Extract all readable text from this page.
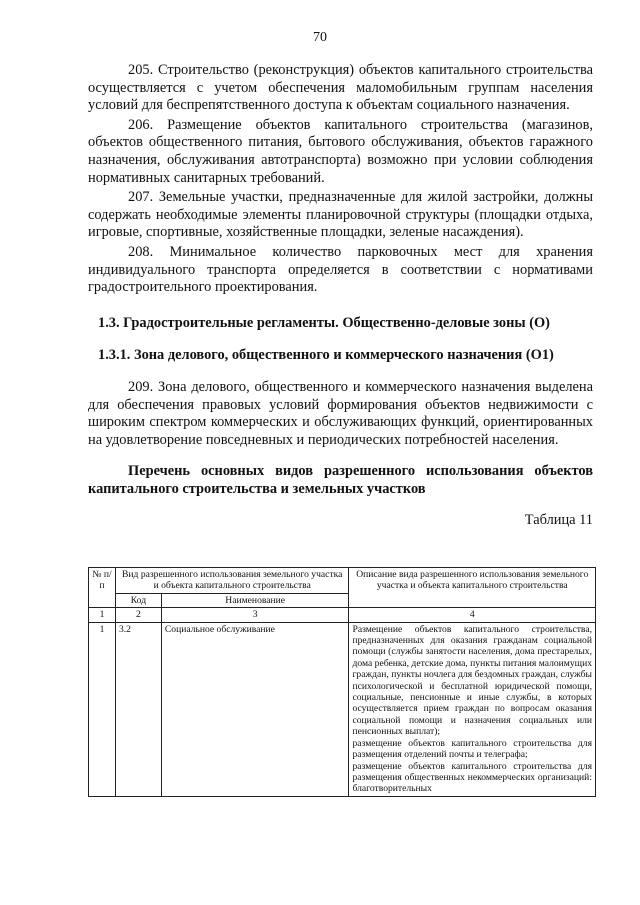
70

205. Строительство (реконструкция) объектов капитального строительства осуществляется с учетом обеспечения маломобильным группам населения условий для беспрепятственного доступа к объектам социального назначения.

206. Размещение объектов капитального строительства (магазинов, объектов общественного питания, бытового обслуживания, объектов гаражного назначения, обслуживания автотранспорта) возможно при условии соблюдения нормативных санитарных требований.

207. Земельные участки, предназначенные для жилой застройки, должны содержать необходимые элементы планировочной структуры (площадки отдыха, игровые, спортивные, хозяйственные площадки, зеленые насаждения).

208. Минимальное количество парковочных мест для хранения индивидуального транспорта определяется в соответствии с нормативами градостроительного проектирования.

1.3. Градостроительные регламенты. Общественно-деловые зоны (О)

1.3.1. Зона делового, общественного и коммерческого назначения (О1)

209. Зона делового, общественного и коммерческого назначения выделена для обеспечения правовых условий формирования объектов недвижимости с широким спектром коммерческих и обслуживающих функций, ориентированных на удовлетворение повседневных и периодических потребностей населения.

Перечень основных видов разрешенного использования объектов капитального строительства и земельных участков

Таблица 11

№ п/п	Вид разрешенного использования земельного участка и объекта капитального строительства		Описание вида разрешенного использования земельного участка и объекта капитального строительства
	Код	Наименование	
1	2	3	4
1	3.2	Социальное обслуживание	Размещение объектов капитального строительства, предназначенных для оказания гражданам социальной помощи (службы занятости населения, дома престарелых, дома ребенка, детские дома, пункты питания малоимущих граждан, пункты ночлега для бездомных граждан, службы психологической и бесплатной юридической помощи, социальные, пенсионные и иные службы, в которых осуществляется прием граждан по вопросам оказания социальной помощи и назначения социальных или пенсионных выплат);
размещение объектов капитального строительства для размещения отделений почты и телеграфа;
размещение объектов капитального строительства для размещения общественных некоммерческих организаций: благотворительных
